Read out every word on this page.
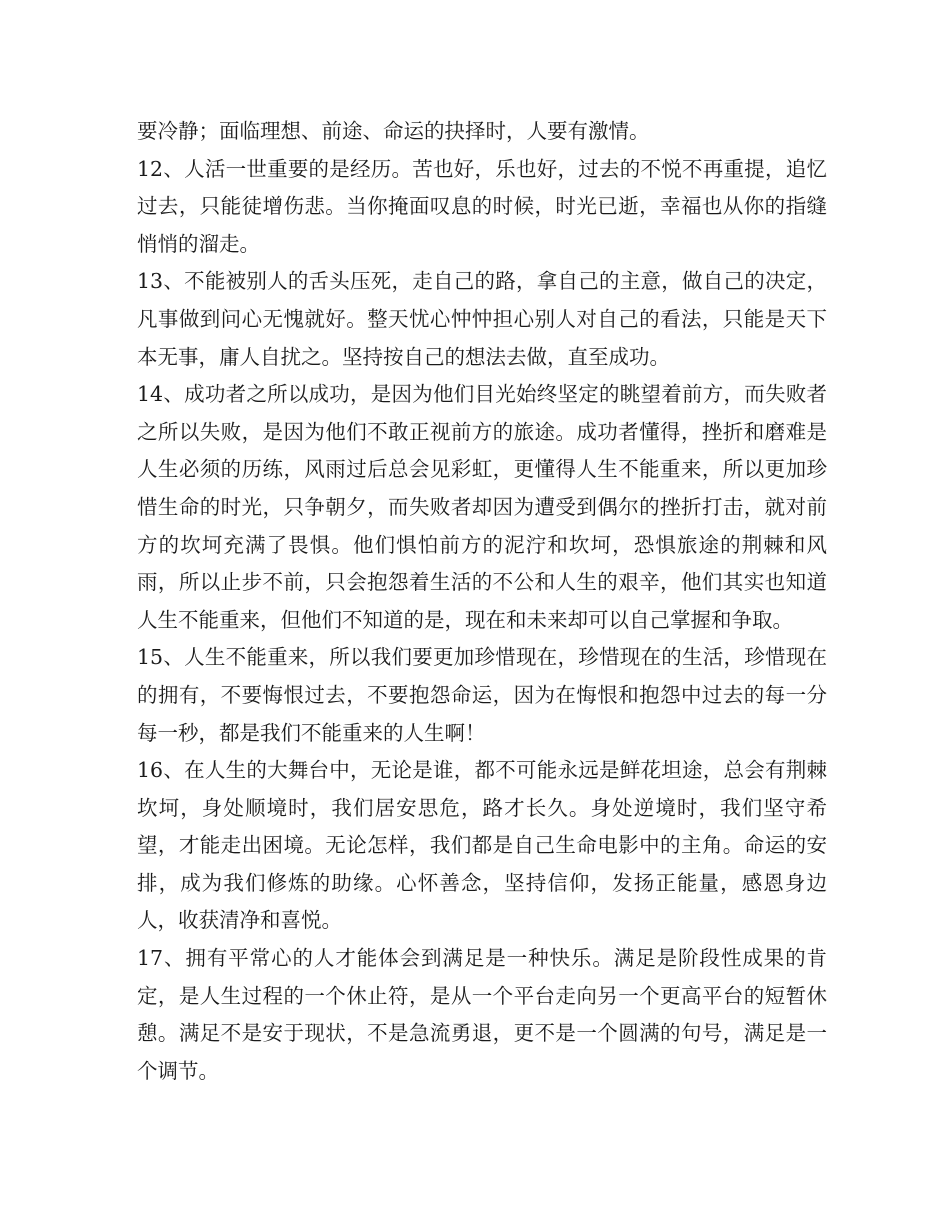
要冷静；面临理想、前途、命运的抉择时，人要有激情。

12、人活一世重要的是经历。苦也好，乐也好，过去的不悦不再重提，追忆过去，只能徒增伤悲。当你掩面叹息的时候，时光已逝，幸福也从你的指缝悄悄的溜走。

13、不能被别人的舌头压死，走自己的路，拿自己的主意，做自己的决定，凡事做到问心无愧就好。整天忧心忡忡担心别人对自己的看法，只能是天下本无事，庸人自扰之。坚持按自己的想法去做，直至成功。

14、成功者之所以成功，是因为他们目光始终坚定的眺望着前方，而失败者之所以失败，是因为他们不敢正视前方的旅途。成功者懂得，挫折和磨难是人生必须的历练，风雨过后总会见彩虹，更懂得人生不能重来，所以更加珍惜生命的时光，只争朝夕，而失败者却因为遭受到偶尔的挫折打击，就对前方的坎坷充满了畏惧。他们惧怕前方的泥泞和坎坷，恐惧旅途的荆棘和风雨，所以止步不前，只会抱怨着生活的不公和人生的艰辛，他们其实也知道人生不能重来，但他们不知道的是，现在和未来却可以自己掌握和争取。

15、人生不能重来，所以我们要更加珍惜现在，珍惜现在的生活，珍惜现在的拥有，不要悔恨过去，不要抱怨命运，因为在悔恨和抱怨中过去的每一分每一秒，都是我们不能重来的人生啊！

16、在人生的大舞台中，无论是谁，都不可能永远是鲜花坦途，总会有荆棘坎坷，身处顺境时，我们居安思危，路才长久。身处逆境时，我们坚守希望，才能走出困境。无论怎样，我们都是自己生命电影中的主角。命运的安排，成为我们修炼的助缘。心怀善念，坚持信仰，发扬正能量，感恩身边人，收获清净和喜悦。

17、拥有平常心的人才能体会到满足是一种快乐。满足是阶段性成果的肯定，是人生过程的一个休止符，是从一个平台走向另一个更高平台的短暂休憩。满足不是安于现状，不是急流勇退，更不是一个圆满的句号，满足是一个调节。
